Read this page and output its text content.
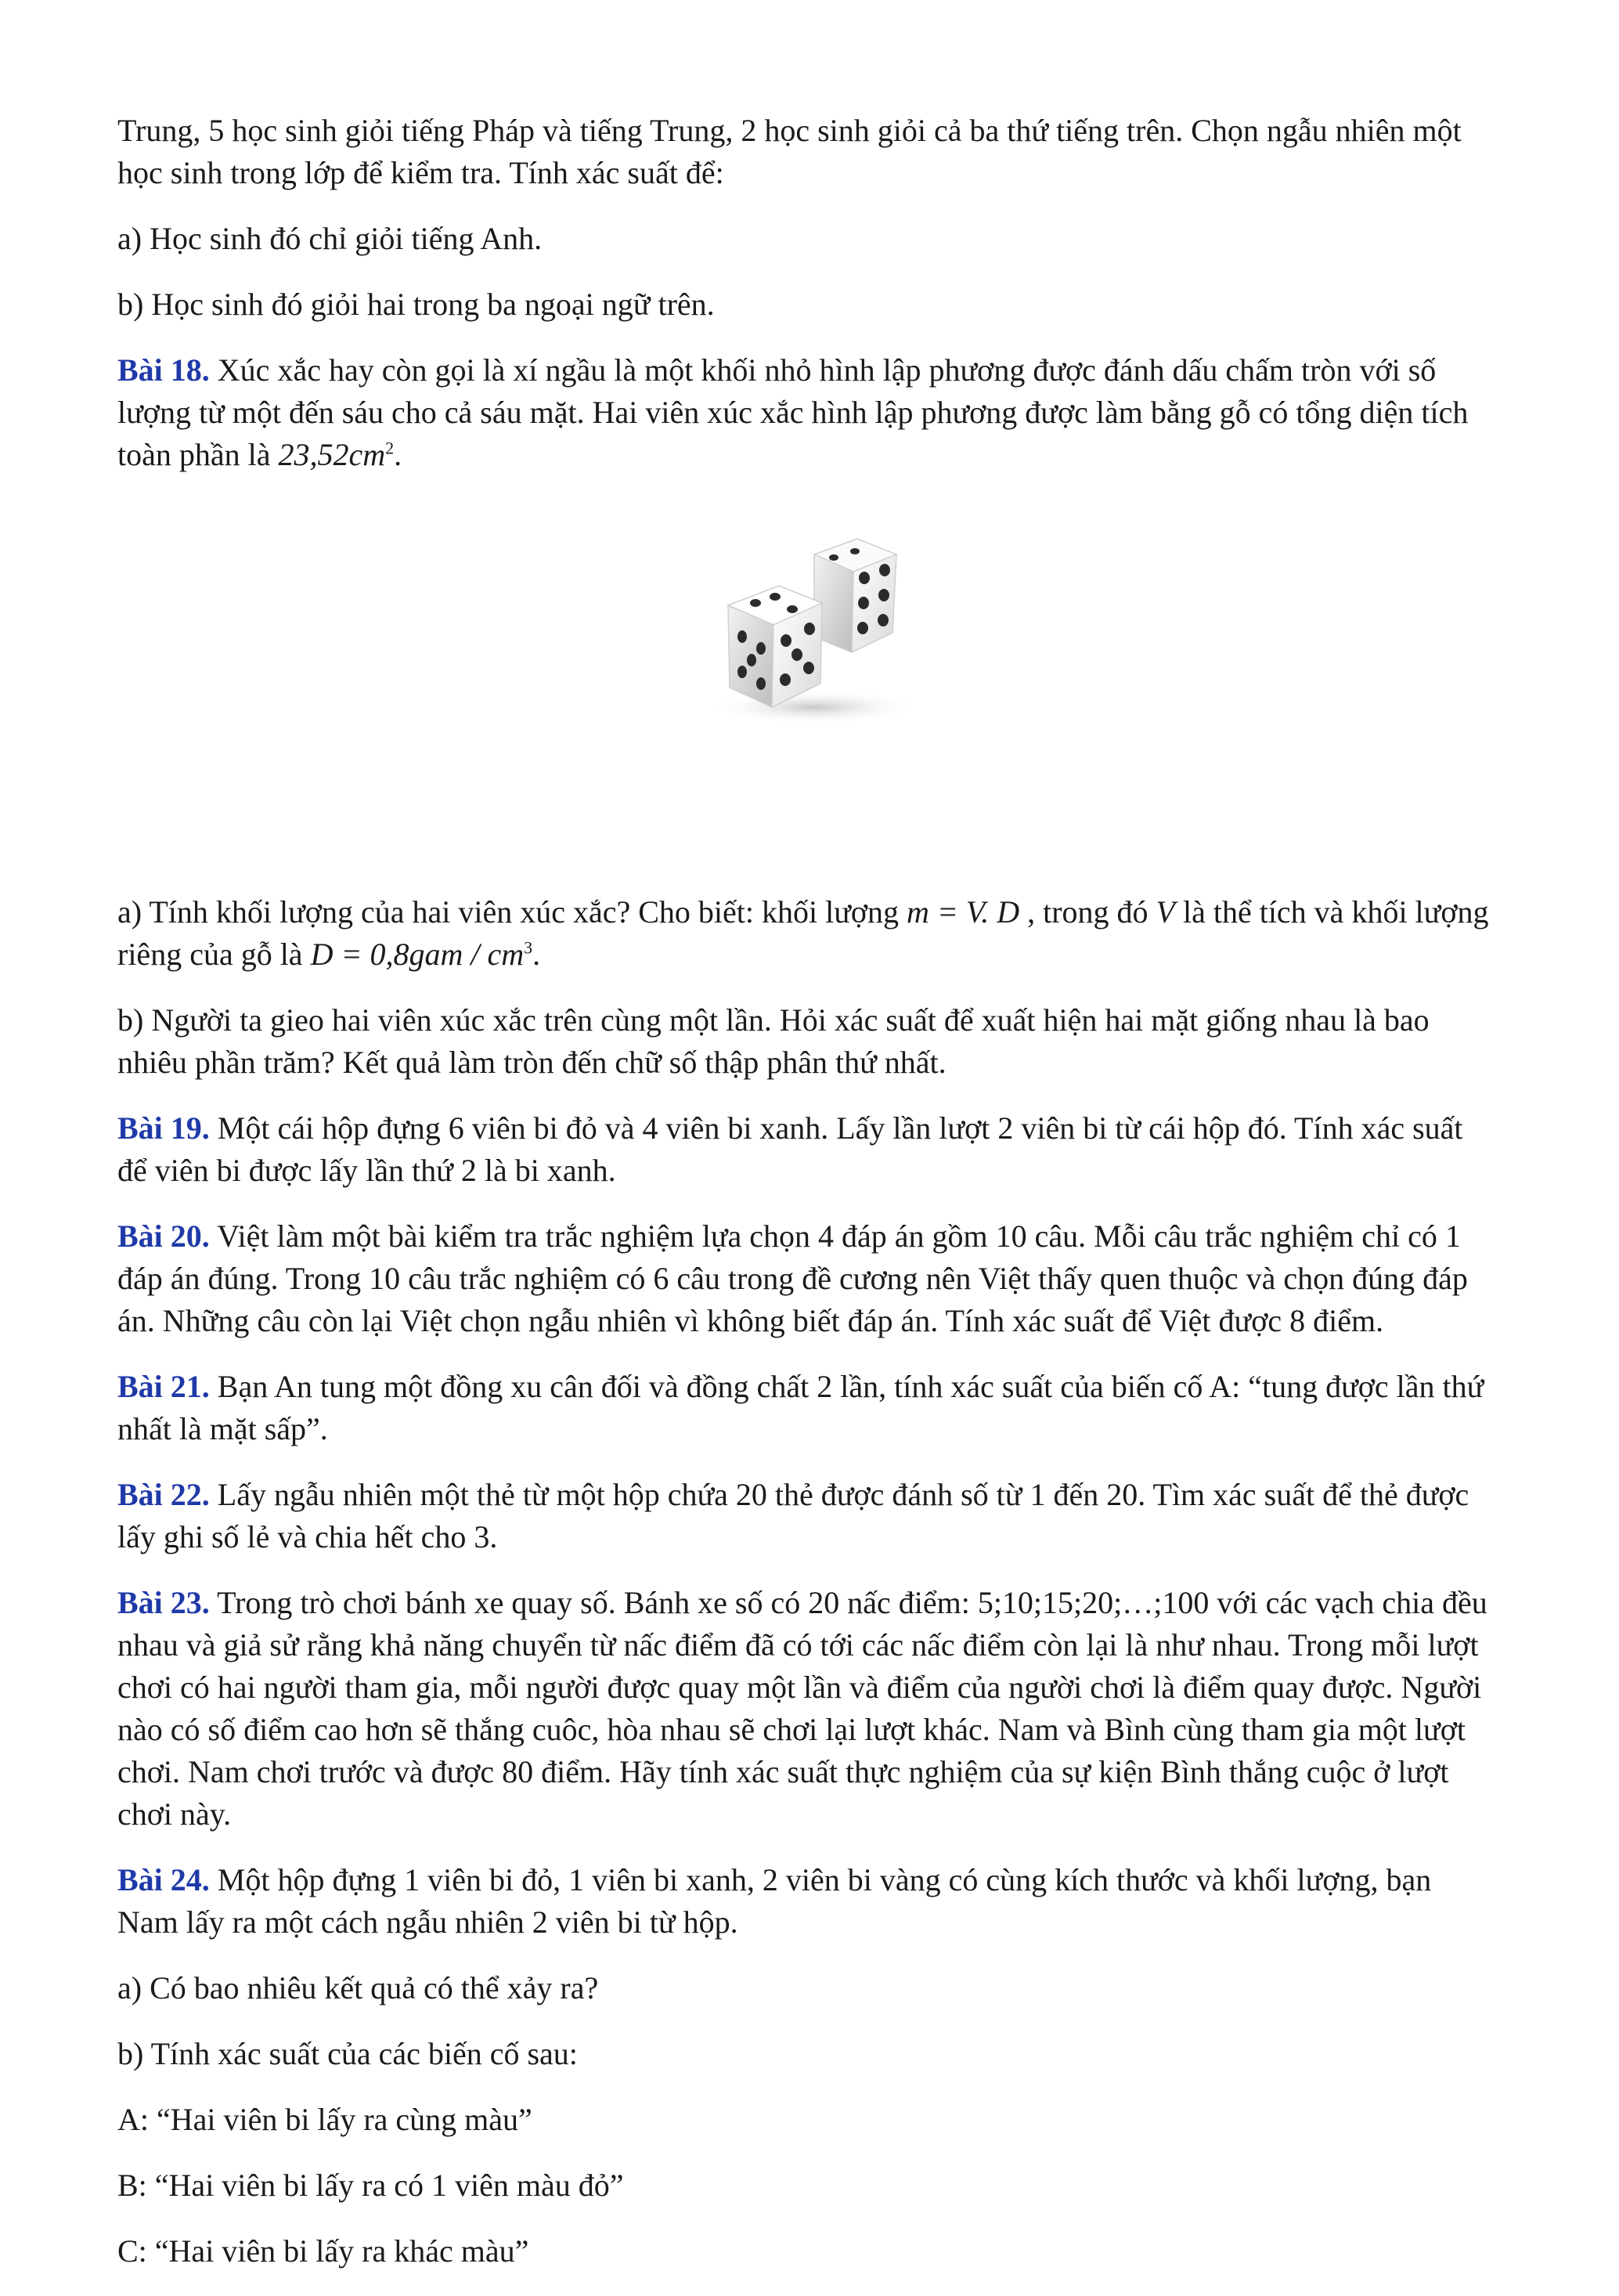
Trung, 5 học sinh giỏi tiếng Pháp và tiếng Trung, 2 học sinh giỏi cả ba thứ tiếng trên. Chọn ngẫu nhiên một học sinh trong lớp để kiểm tra. Tính xác suất để:

a) Học sinh đó chỉ giỏi tiếng Anh.

b) Học sinh đó giỏi hai trong ba ngoại ngữ trên.

Bài 18. Xúc xắc hay còn gọi là xí ngầu là một khối nhỏ hình lập phương được đánh dấu chấm tròn với số lượng từ một đến sáu cho cả sáu mặt. Hai viên xúc xắc hình lập phương được làm bằng gỗ có tổng diện tích toàn phần là $23,52cm^2$.

a) Tính khối lượng của hai viên xúc xắc? Cho biết: khối lượng m = V. D , trong đó V là thể tích và khối lượng riêng của gỗ là $D = 0,8gam / cm^3$.

b) Người ta gieo hai viên xúc xắc trên cùng một lần. Hỏi xác suất để xuất hiện hai mặt giống nhau là bao nhiêu phần trăm? Kết quả làm tròn đến chữ số thập phân thứ nhất.

Bài 19. Một cái hộp đựng 6 viên bi đỏ và 4 viên bi xanh. Lấy lần lượt 2 viên bi từ cái hộp đó. Tính xác suất để viên bi được lấy lần thứ 2 là bi xanh.

Bài 20. Việt làm một bài kiểm tra trắc nghiệm lựa chọn 4 đáp án gồm 10 câu. Mỗi câu trắc nghiệm chỉ có 1 đáp án đúng. Trong 10 câu trắc nghiệm có 6 câu trong đề cương nên Việt thấy quen thuộc và chọn đúng đáp án. Những câu còn lại Việt chọn ngẫu nhiên vì không biết đáp án. Tính xác suất để Việt được 8 điểm.

Bài 21. Bạn An tung một đồng xu cân đối và đồng chất 2 lần, tính xác suất của biến cố A: “tung được lần thứ nhất là mặt sấp”.

Bài 22. Lấy ngẫu nhiên một thẻ từ một hộp chứa 20 thẻ được đánh số từ 1 đến 20. Tìm xác suất để thẻ được lấy ghi số lẻ và chia hết cho 3.

Bài 23. Trong trò chơi bánh xe quay số. Bánh xe số có 20 nấc điểm: 5;10;15;20;…;100 với các vạch chia đều nhau và giả sử rằng khả năng chuyển từ nấc điểm đã có tới các nấc điểm còn lại là như nhau. Trong mỗi lượt chơi có hai người tham gia, mỗi người được quay một lần và điểm của người chơi là điểm quay được. Người nào có số điểm cao hơn sẽ thắng cuôc, hòa nhau sẽ chơi lại lượt khác. Nam và Bình cùng tham gia một lượt chơi. Nam chơi trước và được 80 điểm. Hãy tính xác suất thực nghiệm của sự kiện Bình thắng cuộc ở lượt chơi này.

Bài 24. Một hộp đựng 1 viên bi đỏ, 1 viên bi xanh, 2 viên bi vàng có cùng kích thước và khối lượng, bạn Nam lấy ra một cách ngẫu nhiên 2 viên bi từ hộp.

a) Có bao nhiêu kết quả có thể xảy ra?

b) Tính xác suất của các biến cố sau:

A: “Hai viên bi lấy ra cùng màu”

B: “Hai viên bi lấy ra có 1 viên màu đỏ”

C: “Hai viên bi lấy ra khác màu”
